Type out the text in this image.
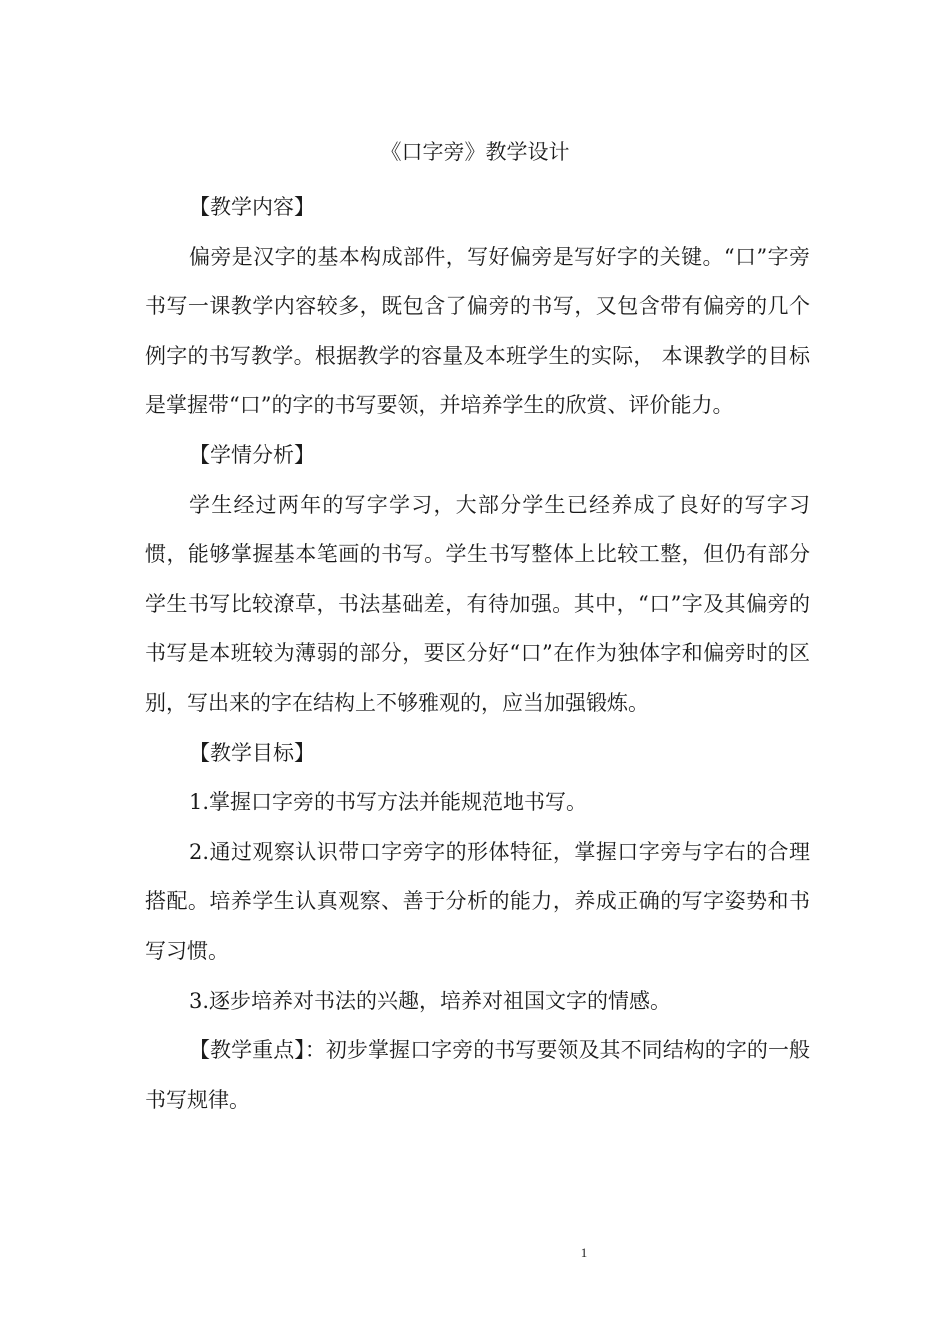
《口字旁》教学设计

【教学内容】

偏旁是汉字的基本构成部件，写好偏旁是写好字的关键。“口”字旁书写一课教学内容较多，既包含了偏旁的书写，又包含带有偏旁的几个例字的书写教学。根据教学的容量及本班学生的实际， 本课教学的目标是掌握带“口”的字的书写要领，并培养学生的欣赏、评价能力。

【学情分析】

学生经过两年的写字学习，大部分学生已经养成了良好的写字习惯，能够掌握基本笔画的书写。学生书写整体上比较工整，但仍有部分学生书写比较潦草，书法基础差，有待加强。其中，“口”字及其偏旁的书写是本班较为薄弱的部分，要区分好“口”在作为独体字和偏旁时的区别，写出来的字在结构上不够雅观的，应当加强锻炼。

【教学目标】

1.掌握口字旁的书写方法并能规范地书写。

2.通过观察认识带口字旁字的形体特征，掌握口字旁与字右的合理搭配。培养学生认真观察、善于分析的能力，养成正确的写字姿势和书写习惯。

3.逐步培养对书法的兴趣，培养对祖国文字的情感。

【教学重点】：初步掌握口字旁的书写要领及其不同结构的字的一般书写规律。

1
